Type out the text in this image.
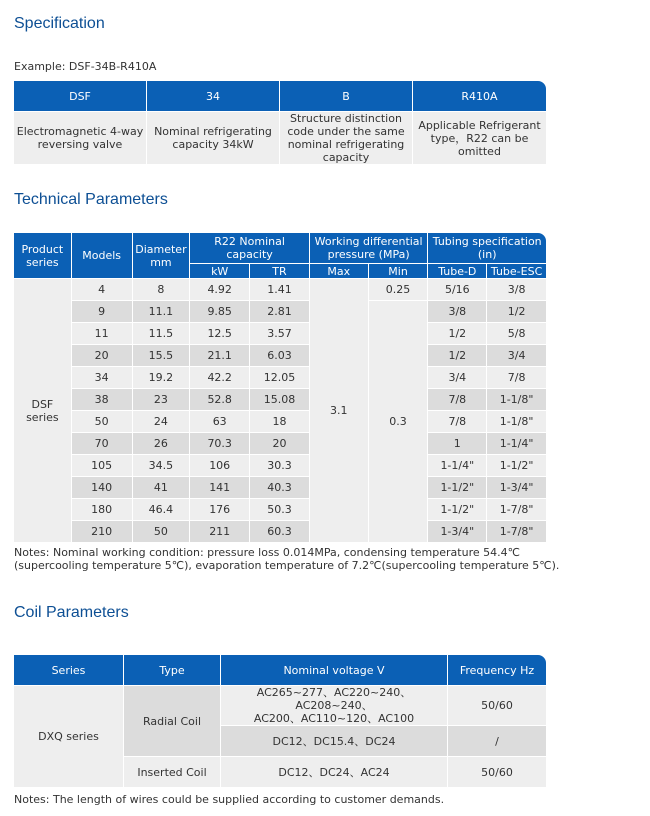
Specification
Example: DSF-34B-R410A
DSF	34	B	R410A
Electromagnetic 4-way reversing valve	Nominal refrigerating capacity 34kW	Structure distinction code under the same nominal refrigerating capacity	Applicable Refrigerant type，R22 can be omitted
Technical Parameters
Product series	Models	Diameter mm	R22 Nominal capacity		Working differential pressure (MPa)		Tubing specification (in)	
			kW	TR	Max	Min	Tube-D	Tube-ESC
DSF series	4	8	4.92	1.41	3.1	0.25	5/16	3/8
	9	11.1	9.85	2.81		0.3	3/8	1/2
	11	11.5	12.5	3.57			1/2	5/8
	20	15.5	21.1	6.03			1/2	3/4
	34	19.2	42.2	12.05			3/4	7/8
	38	23	52.8	15.08			7/8	1-1/8"
	50	24	63	18			7/8	1-1/8"
	70	26	70.3	20			1	1-1/4"
	105	34.5	106	30.3			1-1/4"	1-1/2"
	140	41	141	40.3			1-1/2"	1-3/4"
	180	46.4	176	50.3			1-1/2"	1-7/8"
	210	50	211	60.3			1-3/4"	1-7/8"
Notes: Nominal working condition: pressure loss 0.014MPa, condensing temperature 54.4℃
(supercooling temperature 5℃), evaporation temperature of 7.2℃(supercooling temperature 5℃).
Coil Parameters
Series	Type	Nominal voltage V	Frequency Hz
DXQ series	Radial Coil	AC265~277、AC220~240、AC208~240、
AC200、AC110~120、AC100	50/60
		DC12、DC15.4、DC24	/
	Inserted Coil	DC12、DC24、AC24	50/60
Notes: The length of wires could be supplied according to customer demands.
